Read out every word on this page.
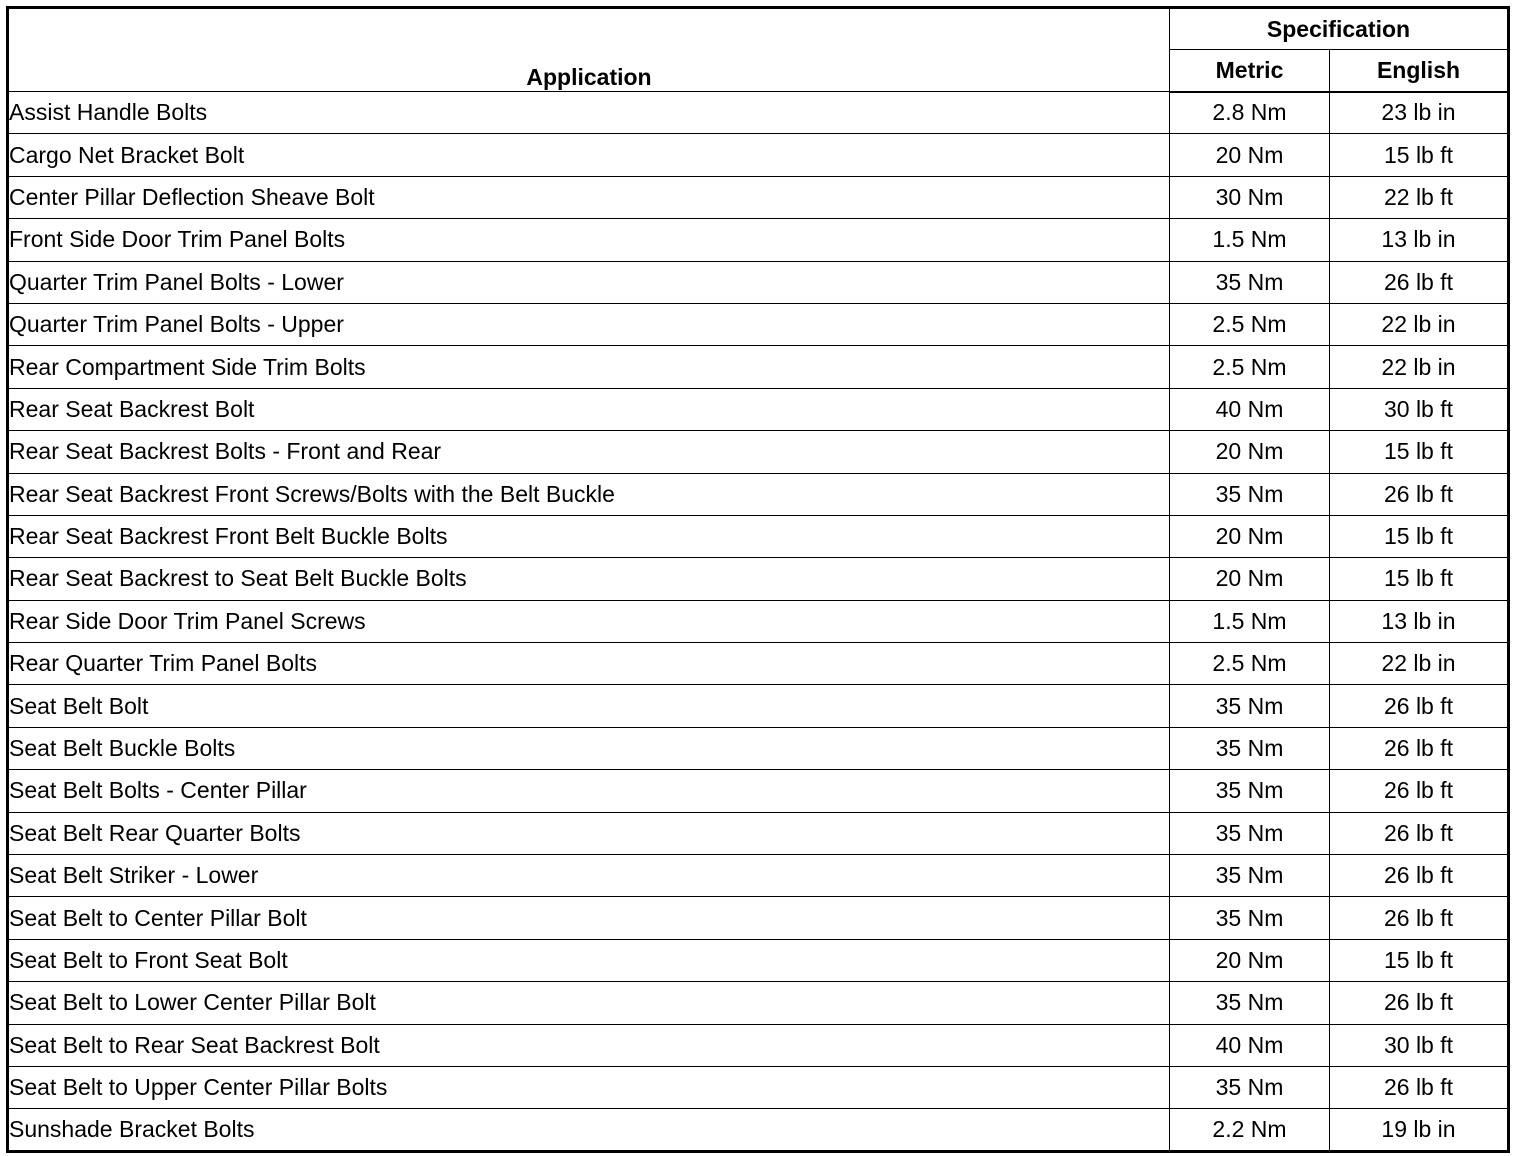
Application	Specification	
	Metric	English
Assist Handle Bolts	2.8 Nm	23 lb in
Cargo Net Bracket Bolt	20 Nm	15 lb ft
Center Pillar Deflection Sheave Bolt	30 Nm	22 lb ft
Front Side Door Trim Panel Bolts	1.5 Nm	13 lb in
Quarter Trim Panel Bolts - Lower	35 Nm	26 lb ft
Quarter Trim Panel Bolts - Upper	2.5 Nm	22 lb in
Rear Compartment Side Trim Bolts	2.5 Nm	22 lb in
Rear Seat Backrest Bolt	40 Nm	30 lb ft
Rear Seat Backrest Bolts - Front and Rear	20 Nm	15 lb ft
Rear Seat Backrest Front Screws/Bolts with the Belt Buckle	35 Nm	26 lb ft
Rear Seat Backrest Front Belt Buckle Bolts	20 Nm	15 lb ft
Rear Seat Backrest to Seat Belt Buckle Bolts	20 Nm	15 lb ft
Rear Side Door Trim Panel Screws	1.5 Nm	13 lb in
Rear Quarter Trim Panel Bolts	2.5 Nm	22 lb in
Seat Belt Bolt	35 Nm	26 lb ft
Seat Belt Buckle Bolts	35 Nm	26 lb ft
Seat Belt Bolts - Center Pillar	35 Nm	26 lb ft
Seat Belt Rear Quarter Bolts	35 Nm	26 lb ft
Seat Belt Striker - Lower	35 Nm	26 lb ft
Seat Belt to Center Pillar Bolt	35 Nm	26 lb ft
Seat Belt to Front Seat Bolt	20 Nm	15 lb ft
Seat Belt to Lower Center Pillar Bolt	35 Nm	26 lb ft
Seat Belt to Rear Seat Backrest Bolt	40 Nm	30 lb ft
Seat Belt to Upper Center Pillar Bolts	35 Nm	26 lb ft
Sunshade Bracket Bolts	2.2 Nm	19 lb in
